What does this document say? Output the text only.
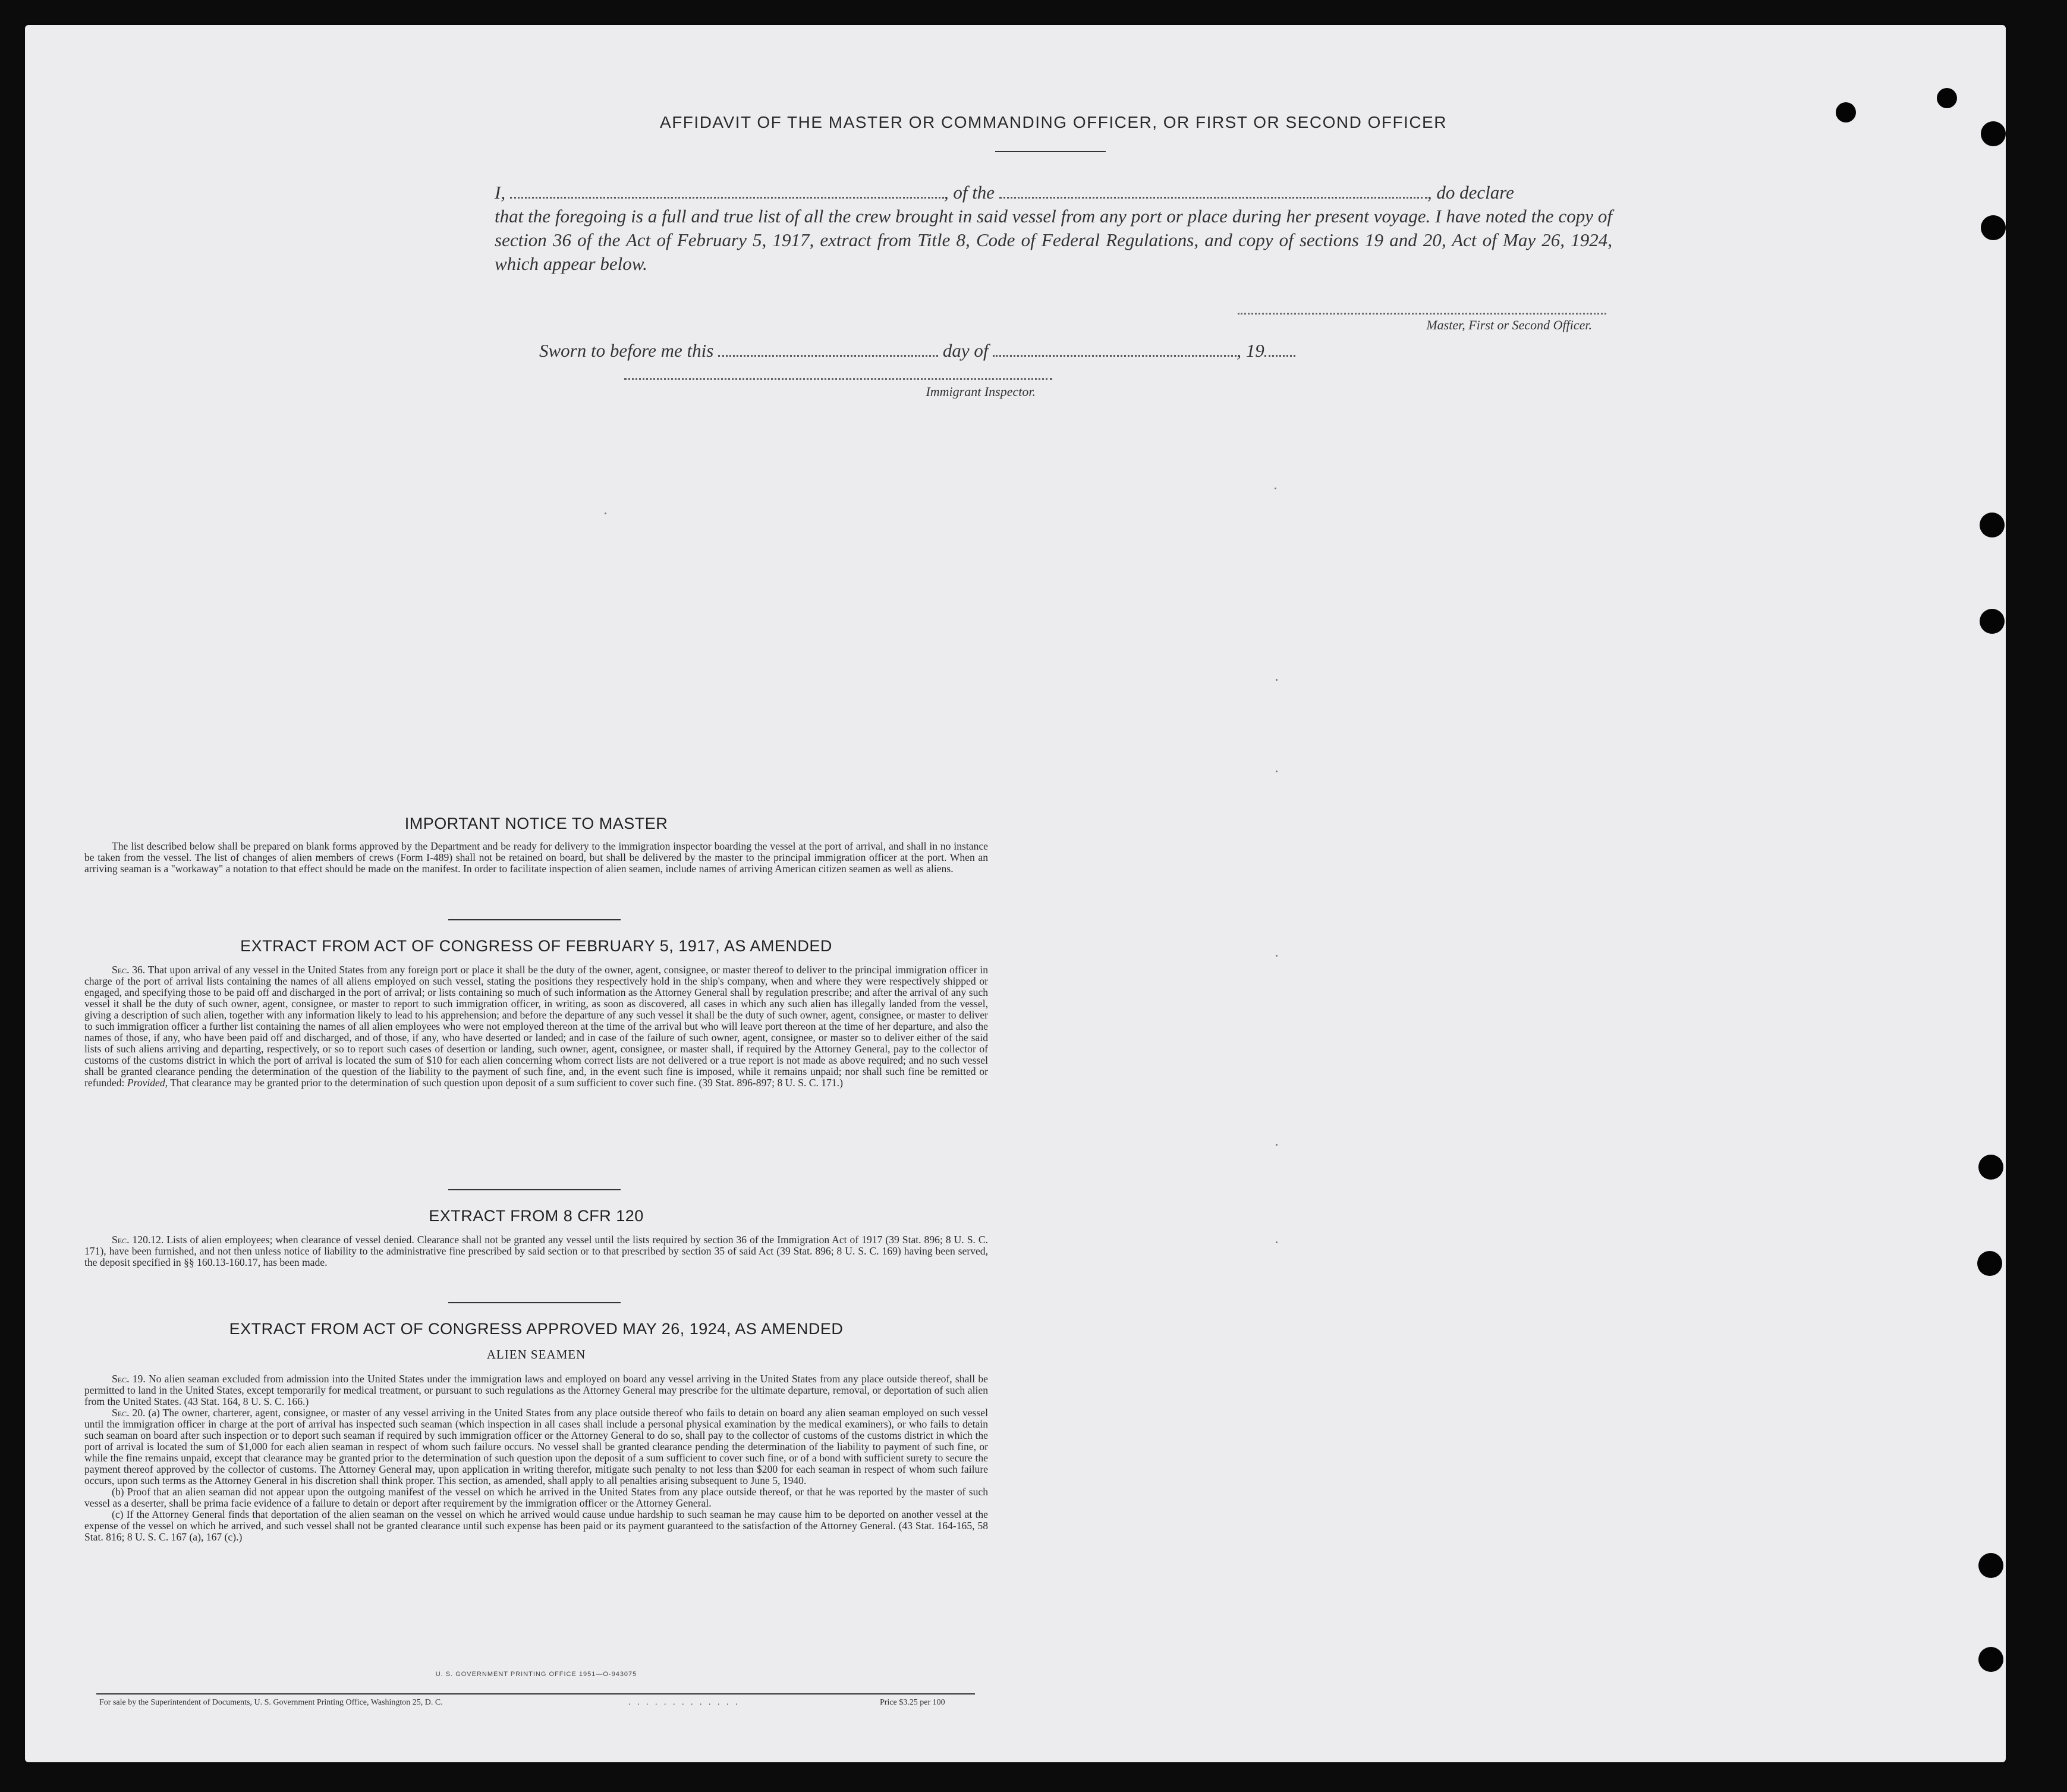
AFFIDAVIT OF THE MASTER OR COMMANDING OFFICER, OR FIRST OR SECOND OFFICER
I,	, of the	, do declare
that the foregoing is a full and true list of all the crew brought in said vessel from any port or place during her present voyage. I have noted the copy of section 36 of the Act of February 5, 1917, extract from Title 8, Code of Federal Regulations, and copy of sections 19 and 20, Act of May 26, 1924, which appear below.
Master, First or Second Officer.
Sworn to before me this	day of	, 19
Immigrant Inspector.
IMPORTANT NOTICE TO MASTER

The list described below shall be prepared on blank forms approved by the Department and be ready for delivery to the immigration inspector boarding the vessel at the port of arrival, and shall in no instance be taken from the vessel. The list of changes of alien members of crews (Form I-489) shall not be retained on board, but shall be delivered by the master to the principal immigration officer at the port. When an arriving seaman is a "workaway" a notation to that effect should be made on the manifest. In order to facilitate inspection of alien seamen, include names of arriving American citizen seamen as well as aliens.

EXTRACT FROM ACT OF CONGRESS OF FEBRUARY 5, 1917, AS AMENDED

Sec. 36. That upon arrival of any vessel in the United States from any foreign port or place it shall be the duty of the owner, agent, consignee, or master thereof to deliver to the principal immigration officer in charge of the port of arrival lists containing the names of all aliens employed on such vessel, stating the positions they respectively hold in the ship's company, when and where they were respectively shipped or engaged, and specifying those to be paid off and discharged in the port of arrival; or lists containing so much of such information as the Attorney General shall by regulation prescribe; and after the arrival of any such vessel it shall be the duty of such owner, agent, consignee, or master to report to such immigration officer, in writing, as soon as discovered, all cases in which any such alien has illegally landed from the vessel, giving a description of such alien, together with any information likely to lead to his apprehension; and before the departure of any such vessel it shall be the duty of such owner, agent, consignee, or master to deliver to such immigration officer a further list containing the names of all alien employees who were not employed thereon at the time of the arrival but who will leave port thereon at the time of her departure, and also the names of those, if any, who have been paid off and discharged, and of those, if any, who have deserted or landed; and in case of the failure of such owner, agent, consignee, or master so to deliver either of the said lists of such aliens arriving and departing, respectively, or so to report such cases of desertion or landing, such owner, agent, consignee, or master shall, if required by the Attorney General, pay to the collector of customs of the customs district in which the port of arrival is located the sum of $10 for each alien concerning whom correct lists are not delivered or a true report is not made as above required; and no such vessel shall be granted clearance pending the determination of the question of the liability to the payment of such fine, and, in the event such fine is imposed, while it remains unpaid; nor shall such fine be remitted or refunded: Provided, That clearance may be granted prior to the determination of such question upon deposit of a sum sufficient to cover such fine. (39 Stat. 896-897; 8 U. S. C. 171.)

EXTRACT FROM 8 CFR 120

Sec. 120.12. Lists of alien employees; when clearance of vessel denied. Clearance shall not be granted any vessel until the lists required by section 36 of the Immigration Act of 1917 (39 Stat. 896; 8 U. S. C. 171), have been furnished, and not then unless notice of liability to the administrative fine prescribed by said section or to that prescribed by section 35 of said Act (39 Stat. 896; 8 U. S. C. 169) having been served, the deposit specified in §§ 160.13-160.17, has been made.

EXTRACT FROM ACT OF CONGRESS APPROVED MAY 26, 1924, AS AMENDED
ALIEN SEAMEN

Sec. 19. No alien seaman excluded from admission into the United States under the immigration laws and employed on board any vessel arriving in the United States from any place outside thereof, shall be permitted to land in the United States, except temporarily for medical treatment, or pursuant to such regulations as the Attorney General may prescribe for the ultimate departure, removal, or deportation of such alien from the United States. (43 Stat. 164, 8 U. S. C. 166.)

Sec. 20. (a) The owner, charterer, agent, consignee, or master of any vessel arriving in the United States from any place outside thereof who fails to detain on board any alien seaman employed on such vessel until the immigration officer in charge at the port of arrival has inspected such seaman (which inspection in all cases shall include a personal physical examination by the medical examiners), or who fails to detain such seaman on board after such inspection or to deport such seaman if required by such immigration officer or the Attorney General to do so, shall pay to the collector of customs of the customs district in which the port of arrival is located the sum of $1,000 for each alien seaman in respect of whom such failure occurs. No vessel shall be granted clearance pending the determination of the liability to payment of such fine, or while the fine remains unpaid, except that clearance may be granted prior to the determination of such question upon the deposit of a sum sufficient to cover such fine, or of a bond with sufficient surety to secure the payment thereof approved by the collector of customs. The Attorney General may, upon application in writing therefor, mitigate such penalty to not less than $200 for each seaman in respect of whom such failure occurs, upon such terms as the Attorney General in his discretion shall think proper. This section, as amended, shall apply to all penalties arising subsequent to June 5, 1940.

(b) Proof that an alien seaman did not appear upon the outgoing manifest of the vessel on which he arrived in the United States from any place outside thereof, or that he was reported by the master of such vessel as a deserter, shall be prima facie evidence of a failure to detain or deport after requirement by the immigration officer or the Attorney General.

(c) If the Attorney General finds that deportation of the alien seaman on the vessel on which he arrived would cause undue hardship to such seaman he may cause him to be deported on another vessel at the expense of the vessel on which he arrived, and such vessel shall not be granted clearance until such expense has been paid or its payment guaranteed to the satisfaction of the Attorney General. (43 Stat. 164-165, 58 Stat. 816; 8 U. S. C. 167 (a), 167 (c).)

U. S. GOVERNMENT PRINTING OFFICE 1951—O-943075
For sale by the Superintendent of Documents, U. S. Government Printing Office, Washington 25, D. C.	. . . . . . . . . . . . .	Price $3.25 per 100
